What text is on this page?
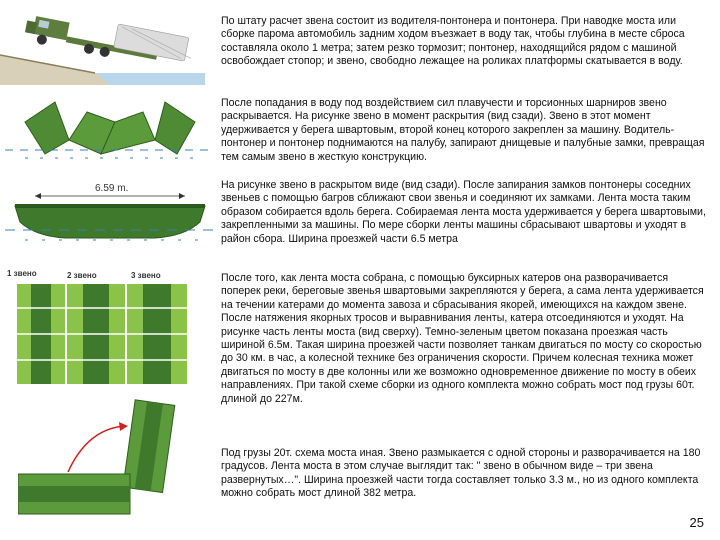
По штату расчет звена состоит из водителя-понтонера и понтонера. При наводке моста или сборке парома автомобиль задним ходом въезжает в воду так, чтобы глубина в месте сброса составляла около 1 метра; затем резко тормозит; понтонер, находящийся рядом с машиной освобождает стопор; и звено, свободно лежащее на роликах платформы скатывается в воду.

После попадания в воду под воздействием сил плавучести и торсионных шарниров звено раскрывается. На рисунке звено в момент раскрытия (вид сзади). Звено в этот момент удерживается у берега швартовым, второй конец которого закреплен за машину. Водитель-понтонер и понтонер поднимаются на палубу, запирают днищевые и палубные замки, превращая тем самым звено в жесткую конструкцию.

На рисунке звено в раскрытом виде (вид сзади). После запирания замков понтонеры соседних звеньев с помощью багров сближают свои звенья и соединяют их замками. Лента моста таким образом собирается вдоль берега. Собираемая лента моста удерживается у берега швартовыми, закрепленными за машины. По мере сборки ленты машины сбрасывают швартовы и уходят в район сбора. Ширина проезжей части 6.5 метра

После того, как лента моста собрана, с помощью буксирных катеров она разворачивается поперек реки, береговые звенья швартовыми закрепляются у берега, а сама лента удерживается на течении катерами до момента завоза и сбрасывания якорей, имеющихся на каждом звене. После натяжения якорных тросов и выравнивания ленты, катера отсоединяются и уходят. На рисунке часть ленты моста (вид сверху). Темно-зеленым цветом показана проезжая часть шириной 6.5м. Такая ширина проезжей части позволяет танкам двигаться по мосту со скоростью до 30 км. в час, а колесной технике без ограничения скорости. Причем колесная техника может двигаться по мосту в две колонны или же возможно одновременное движение по мосту в обеих направлениях. При такой схеме сборки из одного комплекта можно собрать мост под грузы 60т. длиной до 227м.

Под грузы 20т. схема моста иная. Звено размыкается с одной стороны и разворачивается на 180 градусов. Лента моста в этом случае выглядит так: " звено в обычном виде – три звена развернутых…". Ширина проезжей части тогда составляет только 3.3 м., но из одного комплекта можно собрать мост длиной 382 метра.

6.59 m.
1 звено	2 звено	3 звено
25
